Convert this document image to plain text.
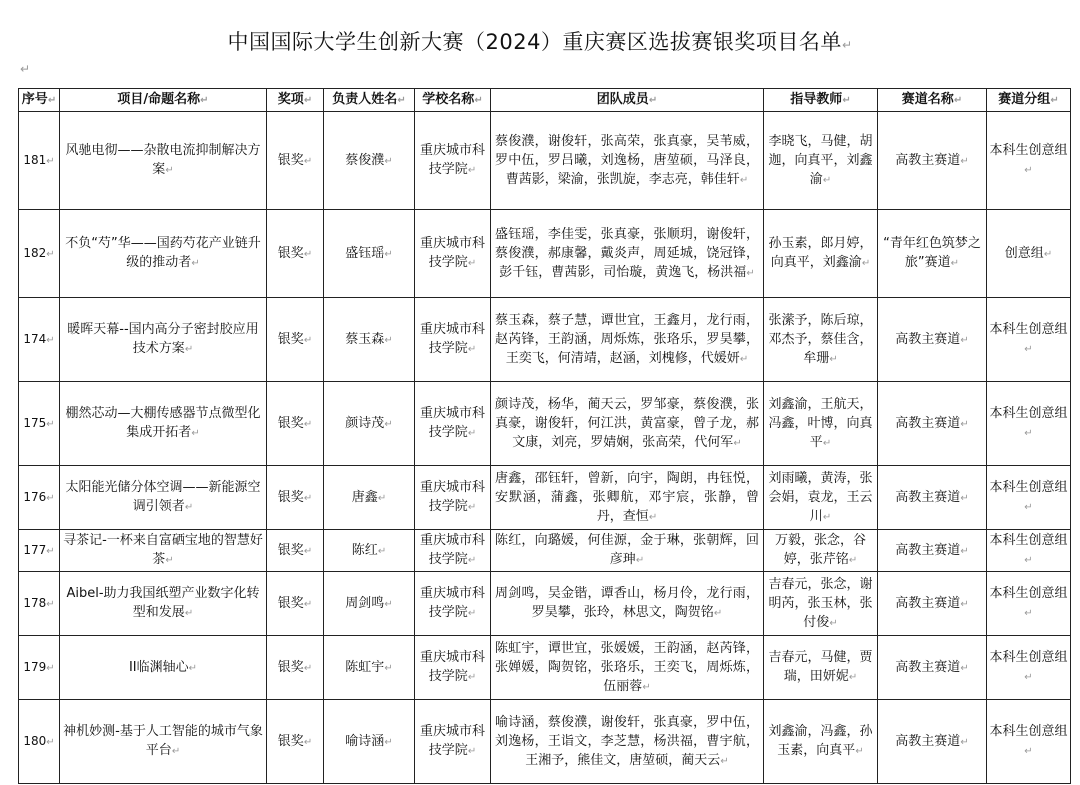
中国国际大学生创新大赛（2024）重庆赛区选拔赛银奖项目名单↵
↵
序号↵	项目/命题名称↵	奖项↵	负责人姓名↵	学校名称↵	团队成员↵	指导教师↵	赛道名称↵	赛道分组↵
181↵	风驰电彻——杂散电流抑制解决方案↵	银奖↵	蔡俊濮↵	重庆城市科技学院↵	蔡俊濮，谢俊轩，张高荣，张真豪，吴苇威，罗中伍，罗吕曦，刘逸杨，唐堃硕，马泽良，曹茜影，梁渝，张凯旋，李志亮，韩佳轩↵	李晓飞，马健，胡迦，向真平，刘鑫渝↵	高教主赛道↵	本科生创意组↵
182↵	不负“芍”华——国药芍花产业链升级的推动者↵	银奖↵	盛钰瑶↵	重庆城市科技学院↵	盛钰瑶，李佳雯，张真豪，张顺玥，谢俊轩，蔡俊濮，郝康馨，戴炎声，周延城，饶冠锋，彭千钰，曹茜影，司怡璇，黄逸飞，杨洪福↵	孙玉素，郎月婷，向真平，刘鑫渝↵	“青年红色筑梦之旅”赛道↵	创意组↵
174↵	暖晖天幕--国内高分子密封胶应用技术方案↵	银奖↵	蔡玉森↵	重庆城市科技学院↵	蔡玉森，蔡子慧，谭世宜，王鑫月，龙行雨，赵芮锋，王韵涵，周烁炼，张珞乐，罗昊攀，王奕飞，何清靖，赵涵，刘槐修，代媛妍↵	张潆予，陈后琼，邓杰予，蔡佳含，牟珊↵	高教主赛道↵	本科生创意组↵
175↵	棚然芯动—大棚传感器节点微型化集成开拓者↵	银奖↵	颜诗茂↵	重庆城市科技学院↵	颜诗茂，杨华，蔺天云，罗邹豪，蔡俊濮，张真豪，谢俊轩，何江洪，黄富豪，曾子龙，郝文康，刘亮，罗婧娴，张高荣，代何军↵	刘鑫渝，王航天，冯鑫，叶博，向真平↵	高教主赛道↵	本科生创意组↵
176↵	太阳能光储分体空调——新能源空调引领者↵	银奖↵	唐鑫↵	重庆城市科技学院↵	唐鑫，邵钰轩，曾新，向宇，陶朗，冉钰悦，安默涵，蒲鑫，张卿航，邓宇宸，张静，曾丹，查恒↵	刘雨曦，黄涛，张会娟，袁龙，王云川↵	高教主赛道↵	本科生创意组↵
177↵	寻茶记-一杯来自富硒宝地的智慧好茶↵	银奖↵	陈红↵	重庆城市科技学院↵	陈红，向璐媛，何佳源，金于琳，张朝辉，回彦珅↵	万毅，张念，谷婷，张芹铭↵	高教主赛道↵	本科生创意组↵
178↵	Aibel-助力我国纸塑产业数字化转型和发展↵	银奖↵	周剑鸣↵	重庆城市科技学院↵	周剑鸣，吴金锴，谭香山，杨月伶，龙行雨，罗昊攀，张玲，林思文，陶贺铭↵	吉春元，张念，谢明芮，张玉林，张付俊↵	高教主赛道↵	本科生创意组↵
179↵	II临渊轴心↵	银奖↵	陈虹宇↵	重庆城市科技学院↵	陈虹宇，谭世宜，张媛媛，王韵涵，赵芮锋，张婵媛，陶贺铭，张珞乐，王奕飞，周烁炼，伍丽蓉↵	吉春元，马健，贾瑞，田妍妮↵	高教主赛道↵	本科生创意组↵
180↵	神机妙测-基于人工智能的城市气象平台↵	银奖↵	喻诗涵↵	重庆城市科技学院↵	喻诗涵，蔡俊濮，谢俊轩，张真豪，罗中伍，刘逸杨，王诣文，李芝慧，杨洪福，曹宇航，王湘予，熊佳文，唐堃硕，蔺天云↵	刘鑫渝，冯鑫，孙玉素，向真平↵	高教主赛道↵	本科生创意组↵
